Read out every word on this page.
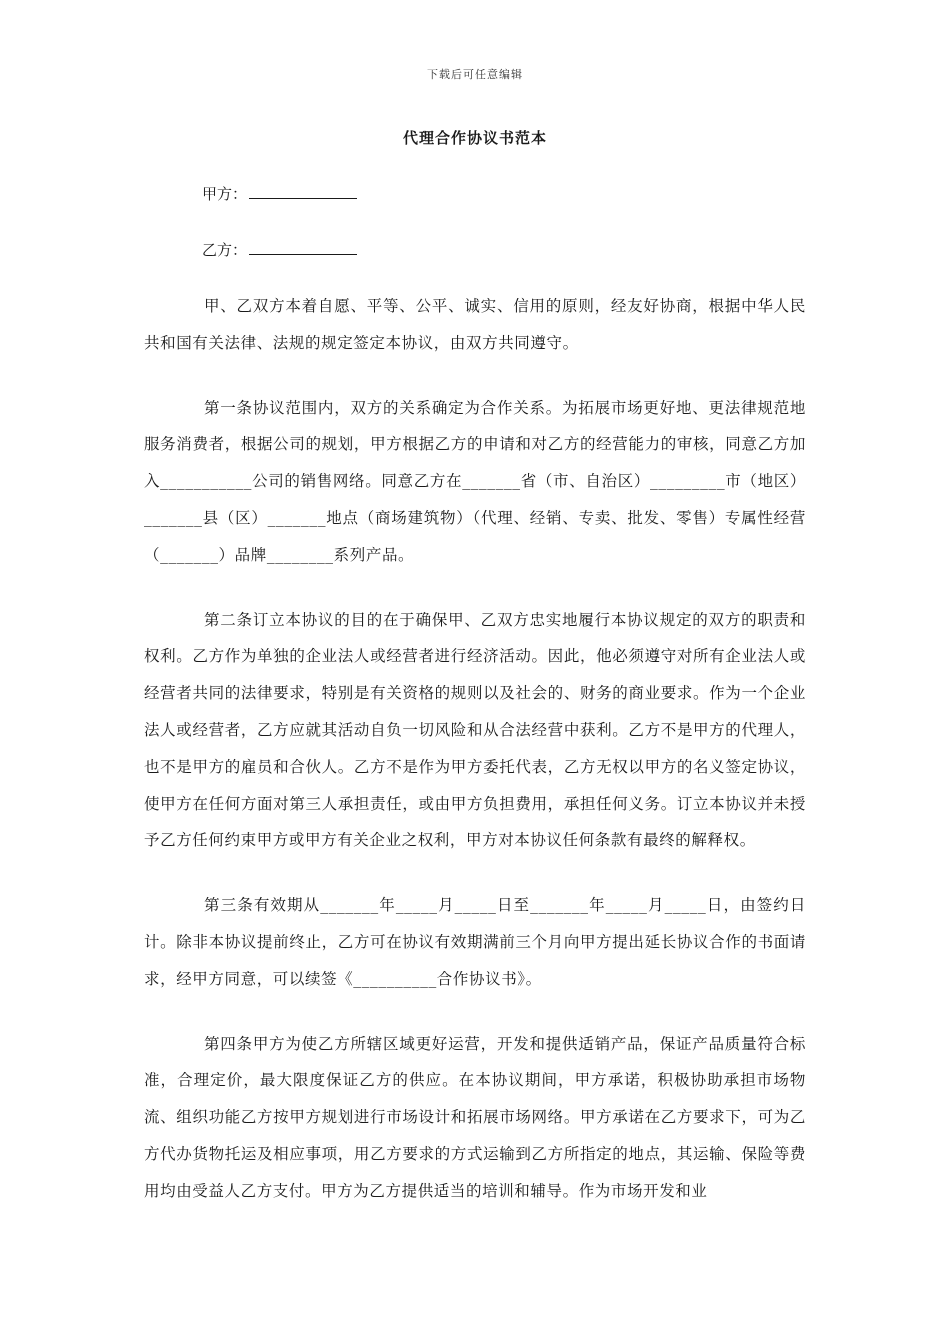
下载后可任意编辑
代理合作协议书范本
甲方：
乙方：

甲、乙双方本着自愿、平等、公平、诚实、信用的原则，经友好协商，根据中华人民共和国有关法律、法规的规定签定本协议，由双方共同遵守。

第一条协议范围内，双方的关系确定为合作关系。为拓展市场更好地、更法律规范地服务消费者，根据公司的规划，甲方根据乙方的申请和对乙方的经营能力的审核，同意乙方加入___________公司的销售网络。同意乙方在_______省（市、自治区）_________市（地区）_______县（区）_______地点（商场建筑物）（代理、经销、专卖、批发、零售）专属性经营（_______）品牌________系列产品。

第二条订立本协议的目的在于确保甲、乙双方忠实地履行本协议规定的双方的职责和权利。乙方作为单独的企业法人或经营者进行经济活动。因此，他必须遵守对所有企业法人或经营者共同的法律要求，特别是有关资格的规则以及社会的、财务的商业要求。作为一个企业法人或经营者，乙方应就其活动自负一切风险和从合法经营中获利。乙方不是甲方的代理人，也不是甲方的雇员和合伙人。乙方不是作为甲方委托代表，乙方无权以甲方的名义签定协议，使甲方在任何方面对第三人承担责任，或由甲方负担费用，承担任何义务。订立本协议并未授予乙方任何约束甲方或甲方有关企业之权利，甲方对本协议任何条款有最终的解释权。

第三条有效期从_______年_____月_____日至_______年_____月_____日，由签约日计。除非本协议提前终止，乙方可在协议有效期满前三个月向甲方提出延长协议合作的书面请求，经甲方同意，可以续签《__________合作协议书》。

第四条甲方为使乙方所辖区域更好运营，开发和提供适销产品，保证产品质量符合标准，合理定价，最大限度保证乙方的供应。在本协议期间，甲方承诺，积极协助承担市场物流、组织功能乙方按甲方规划进行市场设计和拓展市场网络。甲方承诺在乙方要求下，可为乙方代办货物托运及相应事项，用乙方要求的方式运输到乙方所指定的地点，其运输、保险等费用均由受益人乙方支付。甲方为乙方提供适当的培训和辅导。作为市场开发和业
